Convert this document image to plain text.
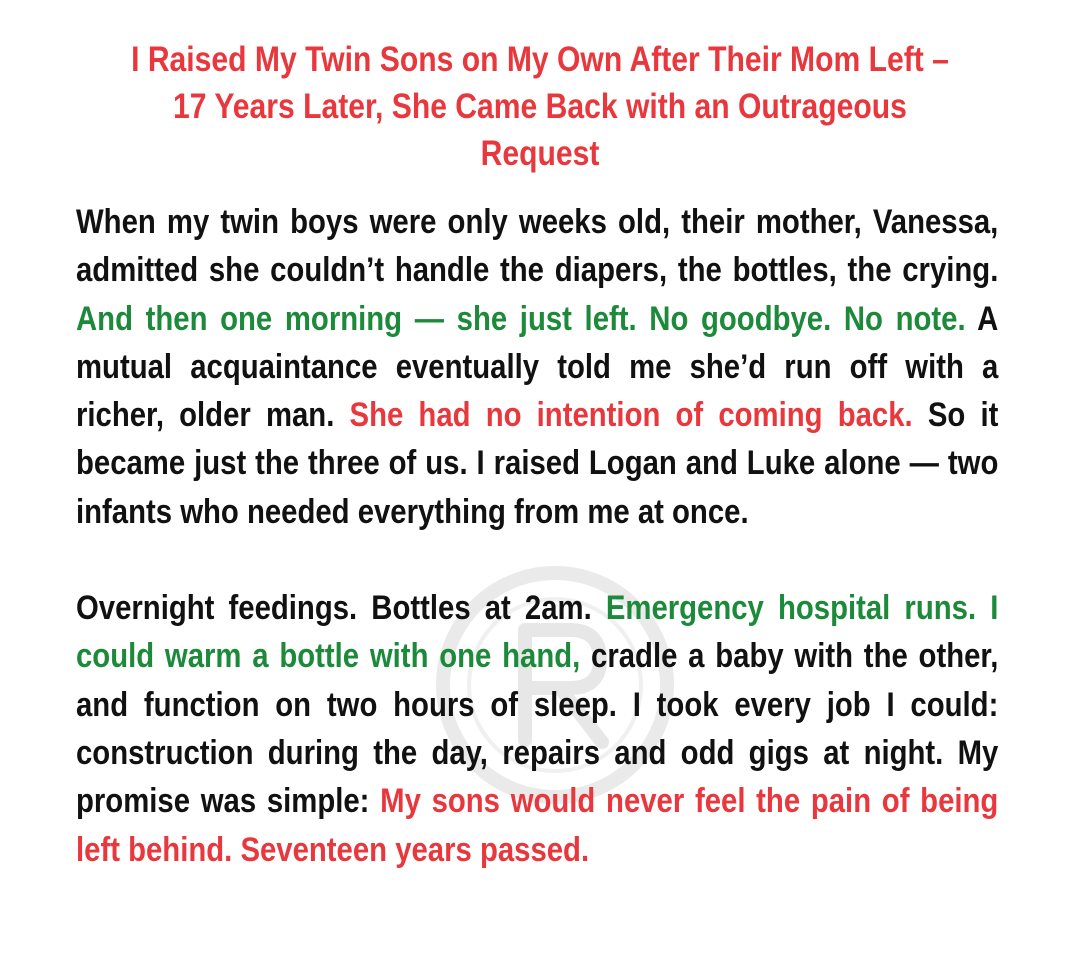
I Raised My Twin Sons on My Own After Their Mom Left – 17 Years Later, She Came Back with an Outrageous Request

When my twin boys were only weeks old, their mother, Vanessa, admitted she couldn’t handle the diapers, the bottles, the crying. And then one morning — she just left. No goodbye. No note. A mutual acquaintance eventually told me she’d run off with a richer, older man. She had no intention of coming back. So it became just the three of us. I raised Logan and Luke alone — two infants who needed everything from me at once.

Overnight feedings. Bottles at 2am. Emergency hospital runs. I could warm a bottle with one hand, cradle a baby with the other, and function on two hours of sleep. I took every job I could: construction during the day, repairs and odd gigs at night. My promise was simple: My sons would never feel the pain of being left behind. Seventeen years passed.
